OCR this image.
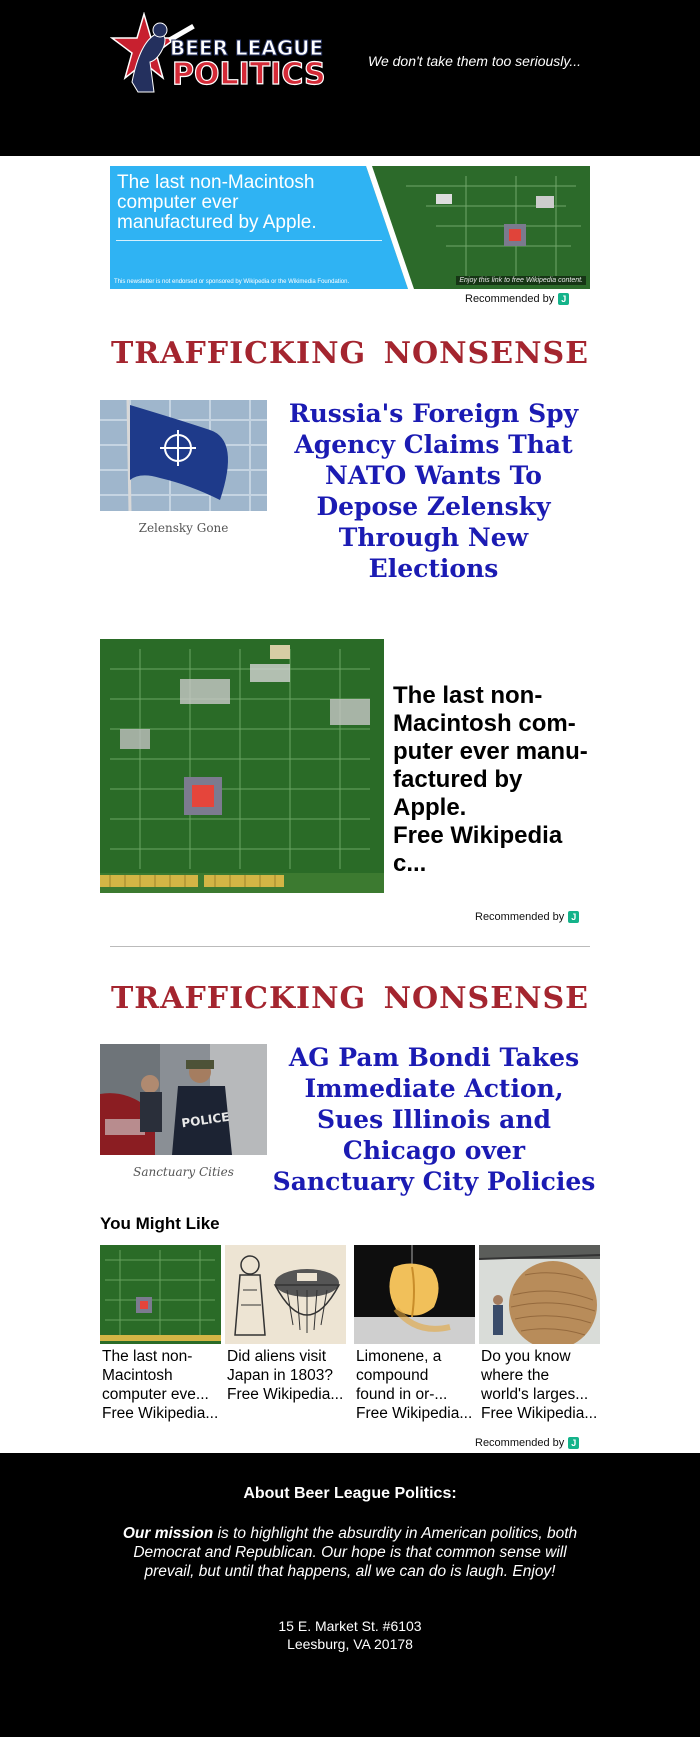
BEER LEAGUE
POLITICS	We don't take them too seriously...
The last non-Macintosh computer ever manufactured by Apple.
This newsletter is not endorsed or sponsored by Wikipedia or the Wikimedia Foundation.	Enjoy this link to free Wikipedia content.
Recommended by J
TRAFFICKING NONSENSE
Zelensky Gone
Russia's Foreign Spy Agency Claims That NATO Wants To Depose Zelensky Through New Elections
The last non-
Macintosh com-
puter ever manu-
factured by
Apple.
Free Wikipedia c...
Recommended by J
TRAFFICKING NONSENSE
POLICE
Sanctuary Cities
AG Pam Bondi Takes Immediate Action, Sues Illinois and Chicago over Sanctuary City Policies
You Might Like
The last non-
Macintosh
computer eve...
Free Wikipedia...
Did aliens visit
Japan in 1803?
Free Wikipedia...
Limonene, a
compound
found in or-...
Free Wikipedia...
Do you know
where the
world's larges...
Free Wikipedia...
Recommended by J
About Beer League Politics:
Our mission is to highlight the absurdity in American politics, both Democrat and Republican. Our hope is that common sense will prevail, but until that happens, all we can do is laugh. Enjoy!
15 E. Market St. #6103
Leesburg, VA 20178
